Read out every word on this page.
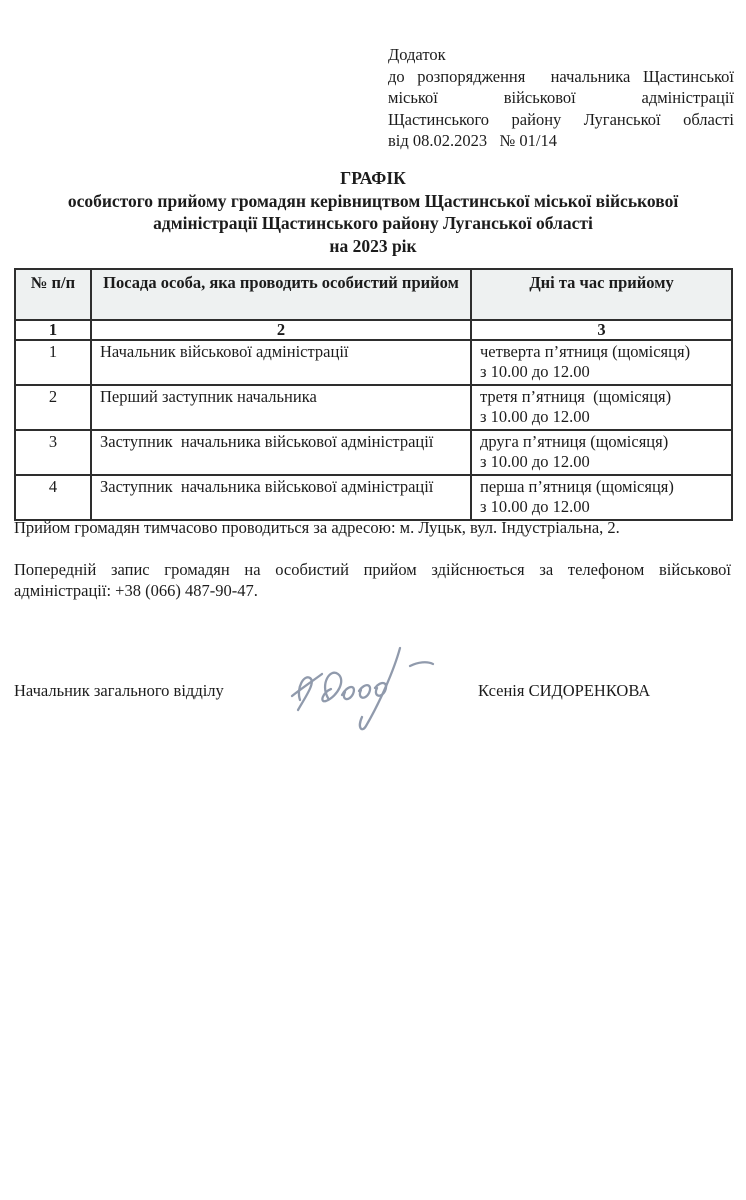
Додаток
до розпорядження  начальника Щастинської
міської військової адміністрації
Щастинського району Луганської області
від 08.02.2023   № 01/14
ГРАФІК
особистого прийому громадян керівництвом Щастинської міської військової
адміністрації Щастинського району Луганської області
на 2023 рік
№ п/п	Посада особа, яка проводить особистий прийом	Дні та час прийому
1	2	3
1	Начальник військової адміністрації	четверта п’ятниця (щомісяця)
з 10.00 до 12.00

2	Перший заступник начальника	третя п’ятниця  (щомісяця)
з 10.00 до 12.00

3	Заступник  начальника військової адміністрації	друга п’ятниця (щомісяця)
з 10.00 до 12.00

4	Заступник  начальника військової адміністрації	перша п’ятниця (щомісяця)
з 10.00 до 12.00
Прийом громадян тимчасово проводиться за адресою: м. Луцьк, вул. Індустріальна, 2.
Попередній запис громадян на особистий прийом здійснюється за телефоном військової
адміністрації: +38 (066) 487-90-47.
Начальник загального відділу	Ксенія СИДОРЕНКОВА
